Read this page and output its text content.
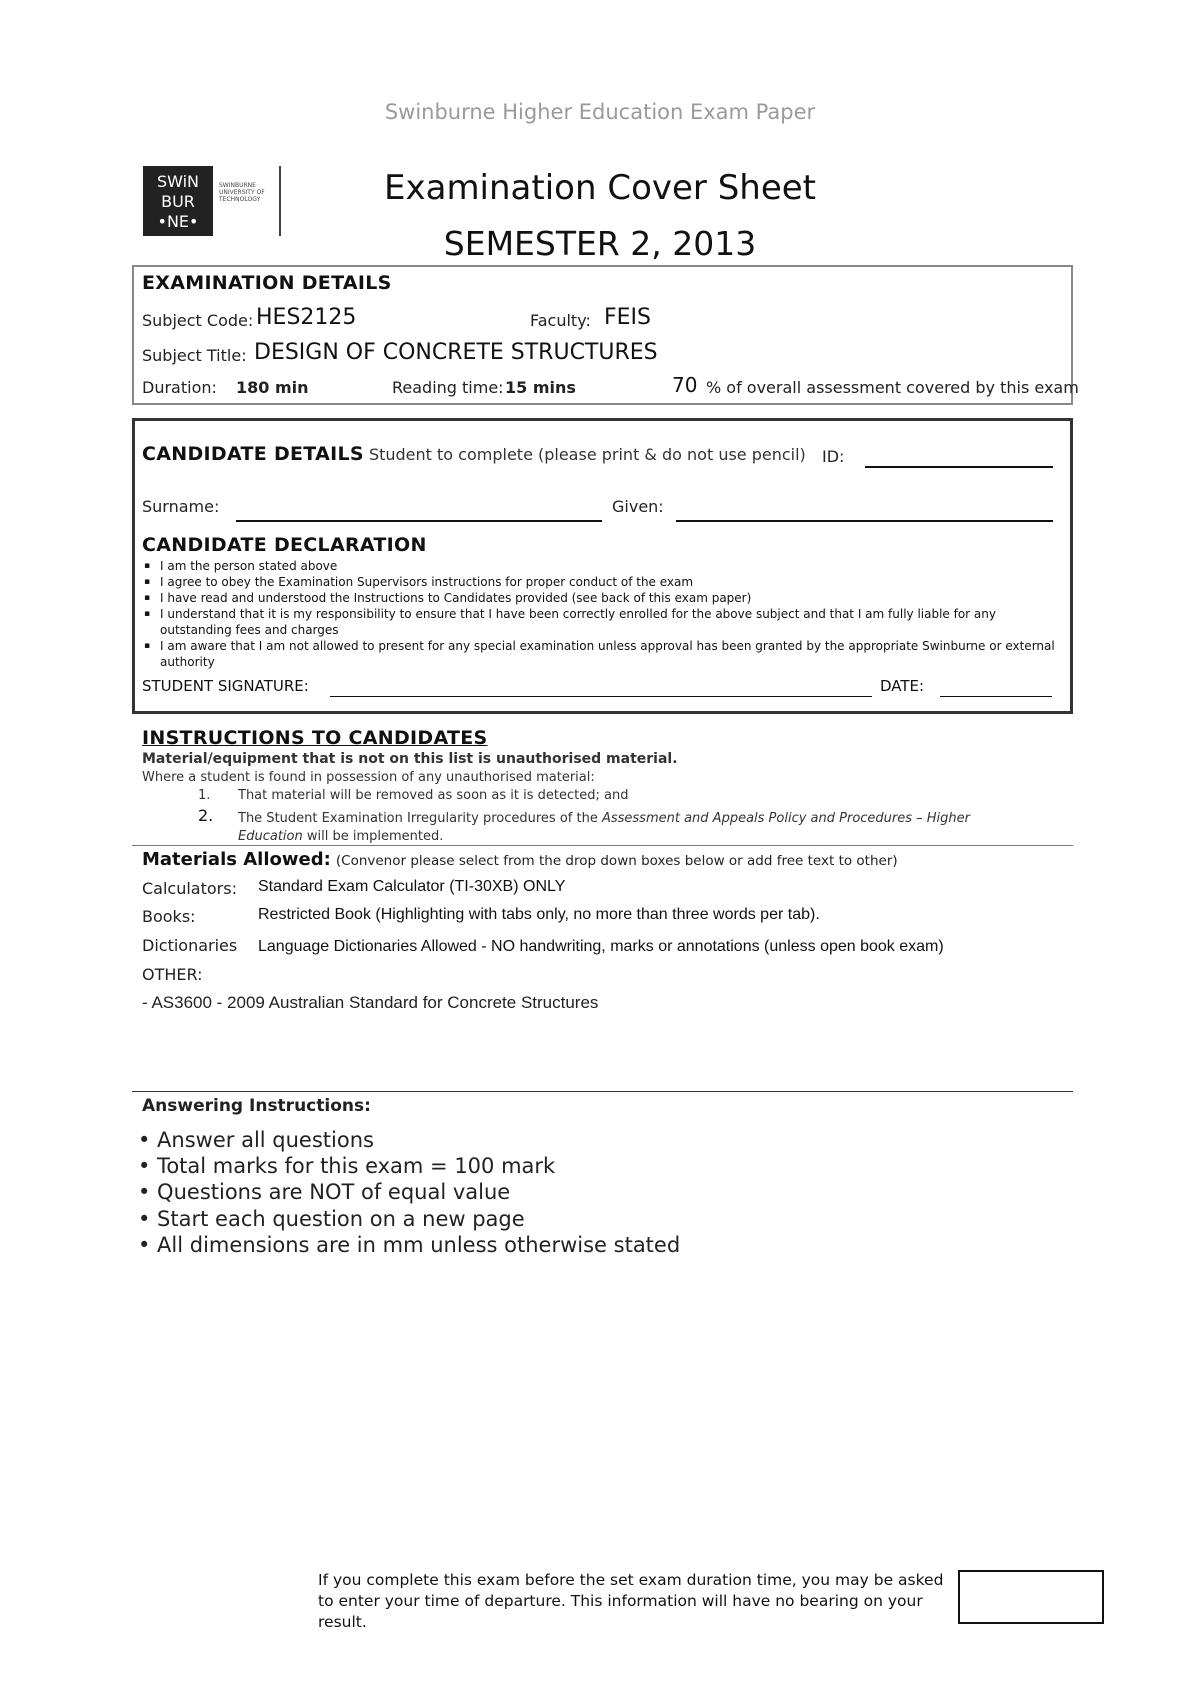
Swinburne Higher Education Exam Paper
SWiN
BUR
•NE•
SWINBURNE UNIVERSITY OF TECHNOLOGY	Examination Cover Sheet
SEMESTER 2, 2013
EXAMINATION DETAILS
Subject Code: HES2125	Faculty: FEIS
Subject Title: DESIGN OF CONCRETE STRUCTURES
Duration: 180 min	Reading time: 15 mins	70 % of overall assessment covered by this exam
CANDIDATE DETAILS Student to complete (please print & do not use pencil) ID:
Surname:	Given:
CANDIDATE DECLARATION
▪ I am the person stated above
▪ I agree to obey the Examination Supervisors instructions for proper conduct of the exam
▪ I have read and understood the Instructions to Candidates provided (see back of this exam paper)
▪ I understand that it is my responsibility to ensure that I have been correctly enrolled for the above subject and that I am fully liable for any outstanding fees and charges
▪ I am aware that I am not allowed to present for any special examination unless approval has been granted by the appropriate Swinburne or external authority
STUDENT SIGNATURE:	DATE:
INSTRUCTIONS TO CANDIDATES
Material/equipment that is not on this list is unauthorised material.
Where a student is found in possession of any unauthorised material:
1. That material will be removed as soon as it is detected; and
2. The Student Examination Irregularity procedures of the Assessment and Appeals Policy and Procedures – Higher Education will be implemented.
Materials Allowed: (Convenor please select from the drop down boxes below or add free text to other)
Calculators: Standard Exam Calculator (TI-30XB) ONLY
Books:	Restricted Book (Highlighting with tabs only, no more than three words per tab).
Dictionaries Language Dictionaries Allowed - NO handwriting, marks or annotations (unless open book exam)
OTHER:
- AS3600 - 2009 Australian Standard for Concrete Structures
Answering Instructions:
• Answer all questions
• Total marks for this exam = 100 mark
• Questions are NOT of equal value
• Start each question on a new page
• All dimensions are in mm unless otherwise stated
If you complete this exam before the set exam duration time, you may be asked to enter your time of departure. This information will have no bearing on your result.
